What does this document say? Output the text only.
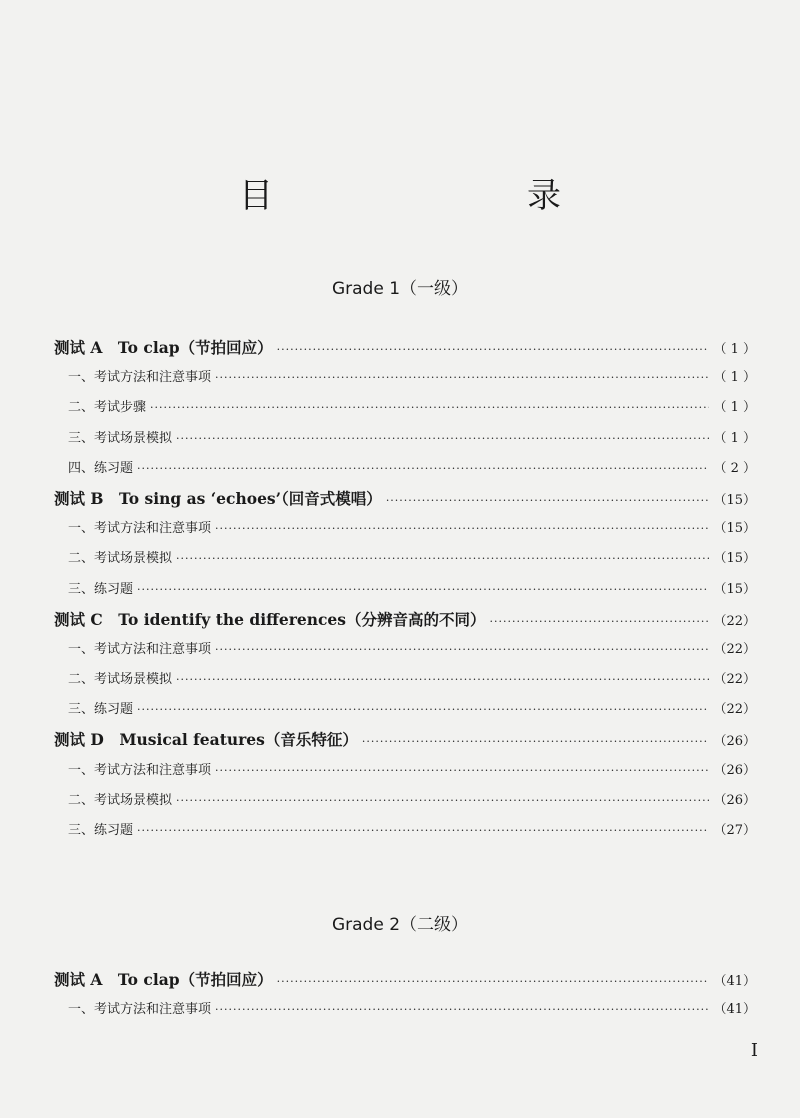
目　　录
Grade 1（一级）
测试 A　To clap（节拍回应） ·····	（ 1 ）
一、考试方法和注意事项 ·····	（ 1 ）
二、考试步骤 ·····	（ 1 ）
三、考试场景模拟 ·····	（ 1 ）
四、练习题 ·····	（ 2 ）
测试 B　To sing as ‘echoes’（回音式模唱） ·····	（15）
一、考试方法和注意事项 ·····	（15）
二、考试场景模拟 ·····	（15）
三、练习题 ·····	（15）
测试 C　To identify the differences（分辨音高的不同） ·····	（22）
一、考试方法和注意事项 ·····	（22）
二、考试场景模拟 ·····	（22）
三、练习题 ·····	（22）
测试 D　Musical features（音乐特征） ·····	（26）
一、考试方法和注意事项 ·····	（26）
二、考试场景模拟 ·····	（26）
三、练习题 ·····	（27）
Grade 2（二级）
测试 A　To clap（节拍回应） ·····	（41）
一、考试方法和注意事项 ·····	（41）
I
